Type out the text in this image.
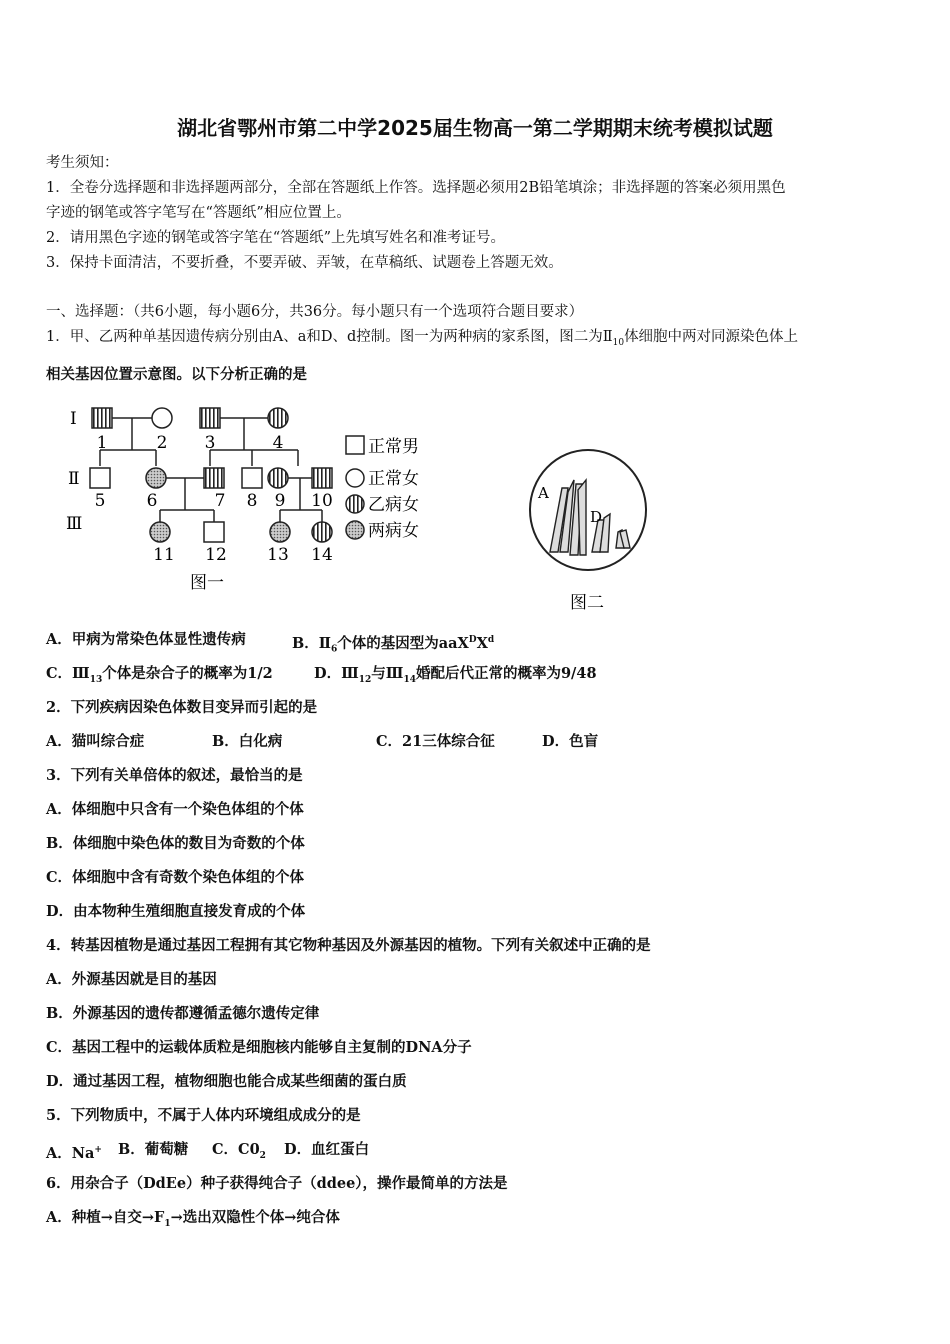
湖北省鄂州市第二中学2025届生物高一第二学期期末统考模拟试题
考生须知：
1．全卷分选择题和非选择题两部分，全部在答题纸上作答。选择题必须用2B铅笔填涂；非选择题的答案必须用黑色
字迹的钢笔或答字笔写在“答题纸”相应位置上。
2．请用黑色字迹的钢笔或答字笔在“答题纸”上先填写姓名和准考证号。
3．保持卡面清洁，不要折叠，不要弄破、弄皱，在草稿纸、试题卷上答题无效。
一、选择题：（共6小题，每小题6分，共36分。每小题只有一个选项符合题目要求）
1．甲、乙两种单基因遗传病分别由A、a和D、d控制。图一为两种病的家系图，图二为$Ⅱ_{10}$体细胞中两对同源染色体上
相关基因位置示意图。以下分析正确的是
Ⅰ
Ⅱ
Ⅲ
1	2 3	4
5 6	7 8 9 10
11 12 13 14
正常男
正常女
乙病女
两病女
图一
A
D
图二
A．甲病为常染色体显性遗传病	B．$Ⅱ_6$个体的基因型为$aaX^DX^d$
C．$Ⅲ_{13}$个体是杂合子的概率为1/2	D．$Ⅲ_{12}$与$Ⅲ_{14}$婚配后代正常的概率为9/48
2．下列疾病因染色体数目变异而引起的是
A．猫叫综合症	B．白化病	C．21三体综合征	D．色盲
3．下列有关单倍体的叙述，最恰当的是
A．体细胞中只含有一个染色体组的个体
B．体细胞中染色体的数目为奇数的个体
C．体细胞中含有奇数个染色体组的个体
D．由本物种生殖细胞直接发育成的个体
4．转基因植物是通过基因工程拥有其它物种基因及外源基因的植物。下列有关叙述中正确的是
A．外源基因就是目的基因
B．外源基因的遗传都遵循孟德尔遗传定律
C．基因工程中的运载体质粒是细胞核内能够自主复制的DNA分子
D．通过基因工程，植物细胞也能合成某些细菌的蛋白质
5．下列物质中，不属于人体内环境组成成分的是
A．Na+ B．葡萄糖 C．$C0_2$ D．血红蛋白
6．用杂合子（DdEe）种子获得纯合子（ddee），操作最简单的方法是
A．种植→自交$\to F_1\to$选出双隐性个体→纯合体
